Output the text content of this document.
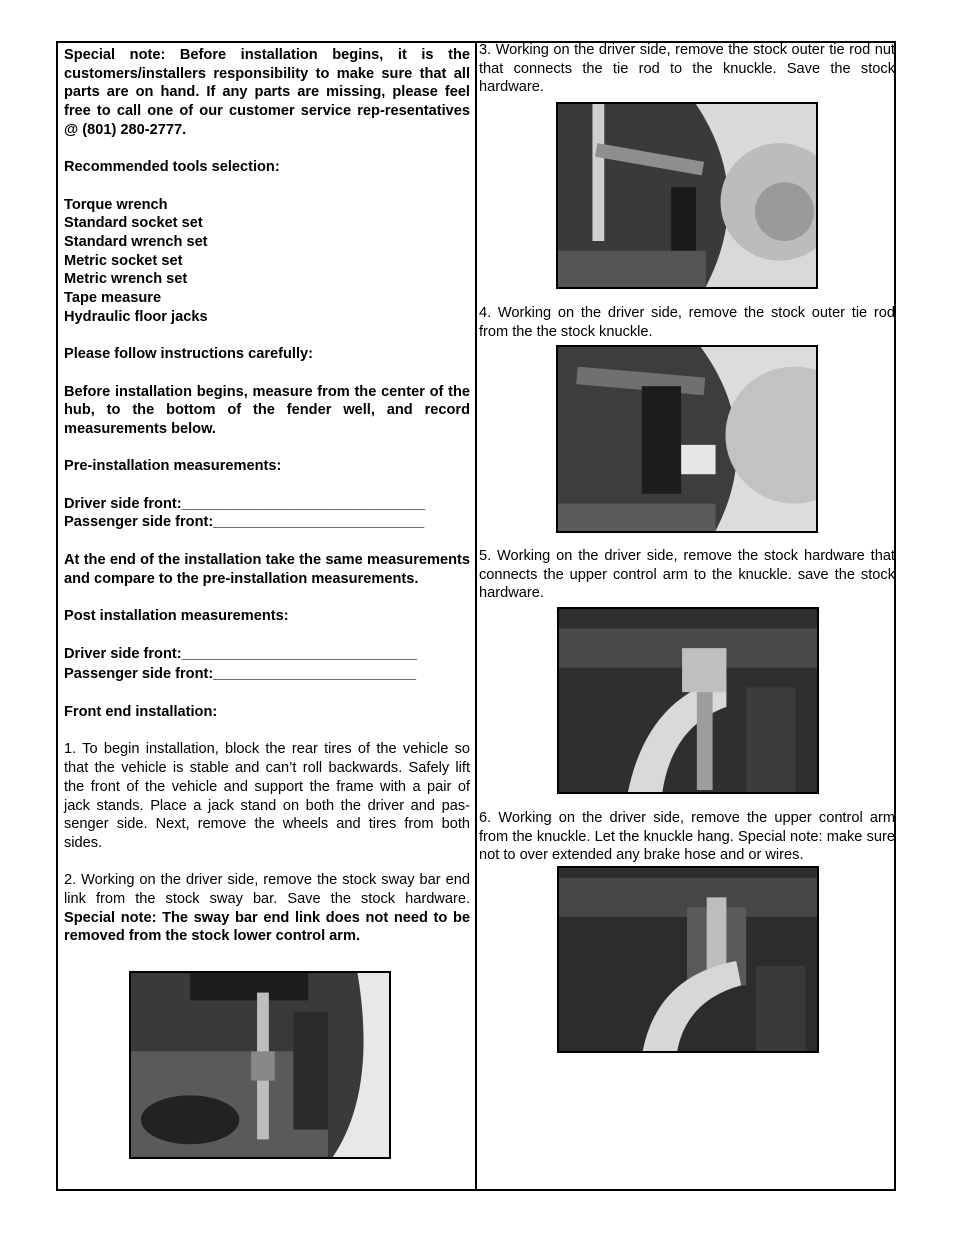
Special note: Before installation begins, it is the customers/installers responsibility to make sure that all parts are on hand. If any parts are missing, please feel free to call one of our customer service rep-resentatives @ (801) 280-2777.

Recommended tools selection:

Torque wrench

Standard socket set

Standard wrench set

Metric socket set

Metric wrench set

Tape measure

Hydraulic floor jacks

Please follow instructions carefully:

Before installation begins, measure from the center of the hub, to the bottom of the fender well, and record measurements below.

Pre-installation measurements:

Driver side front:______________________________

Passenger side front:__________________________

At the end of the installation take the same measurements and compare to the pre-installation measurements.

Post installation measurements:

Driver side front:_____________________________

Passenger side front:_________________________

Front end installation:

1. To begin installation, block the rear tires of the vehicle so that the vehicle is stable and can’t roll backwards. Safely lift the front of the vehicle and support the frame with a pair of jack stands. Place a jack stand on both the driver and pas-senger side. Next, remove the wheels and tires from both sides.

2. Working on the driver side, remove the stock sway bar end link from the stock sway bar. Save the stock hardware. Special note: The sway bar end link does not need to be removed from the stock lower control arm.

3. Working on the driver side, remove the stock outer tie rod nut that connects the tie rod to the knuckle. Save the stock hardware.

4. Working on the driver side, remove the stock outer tie rod from the the stock knuckle.

5. Working on the driver side, remove the stock hardware that connects the upper control arm to the knuckle. save the stock hardware.

6. Working on the driver side, remove the upper control arm from the knuckle. Let the knuckle hang. Special note: make sure not to over extended any brake hose and or wires.
